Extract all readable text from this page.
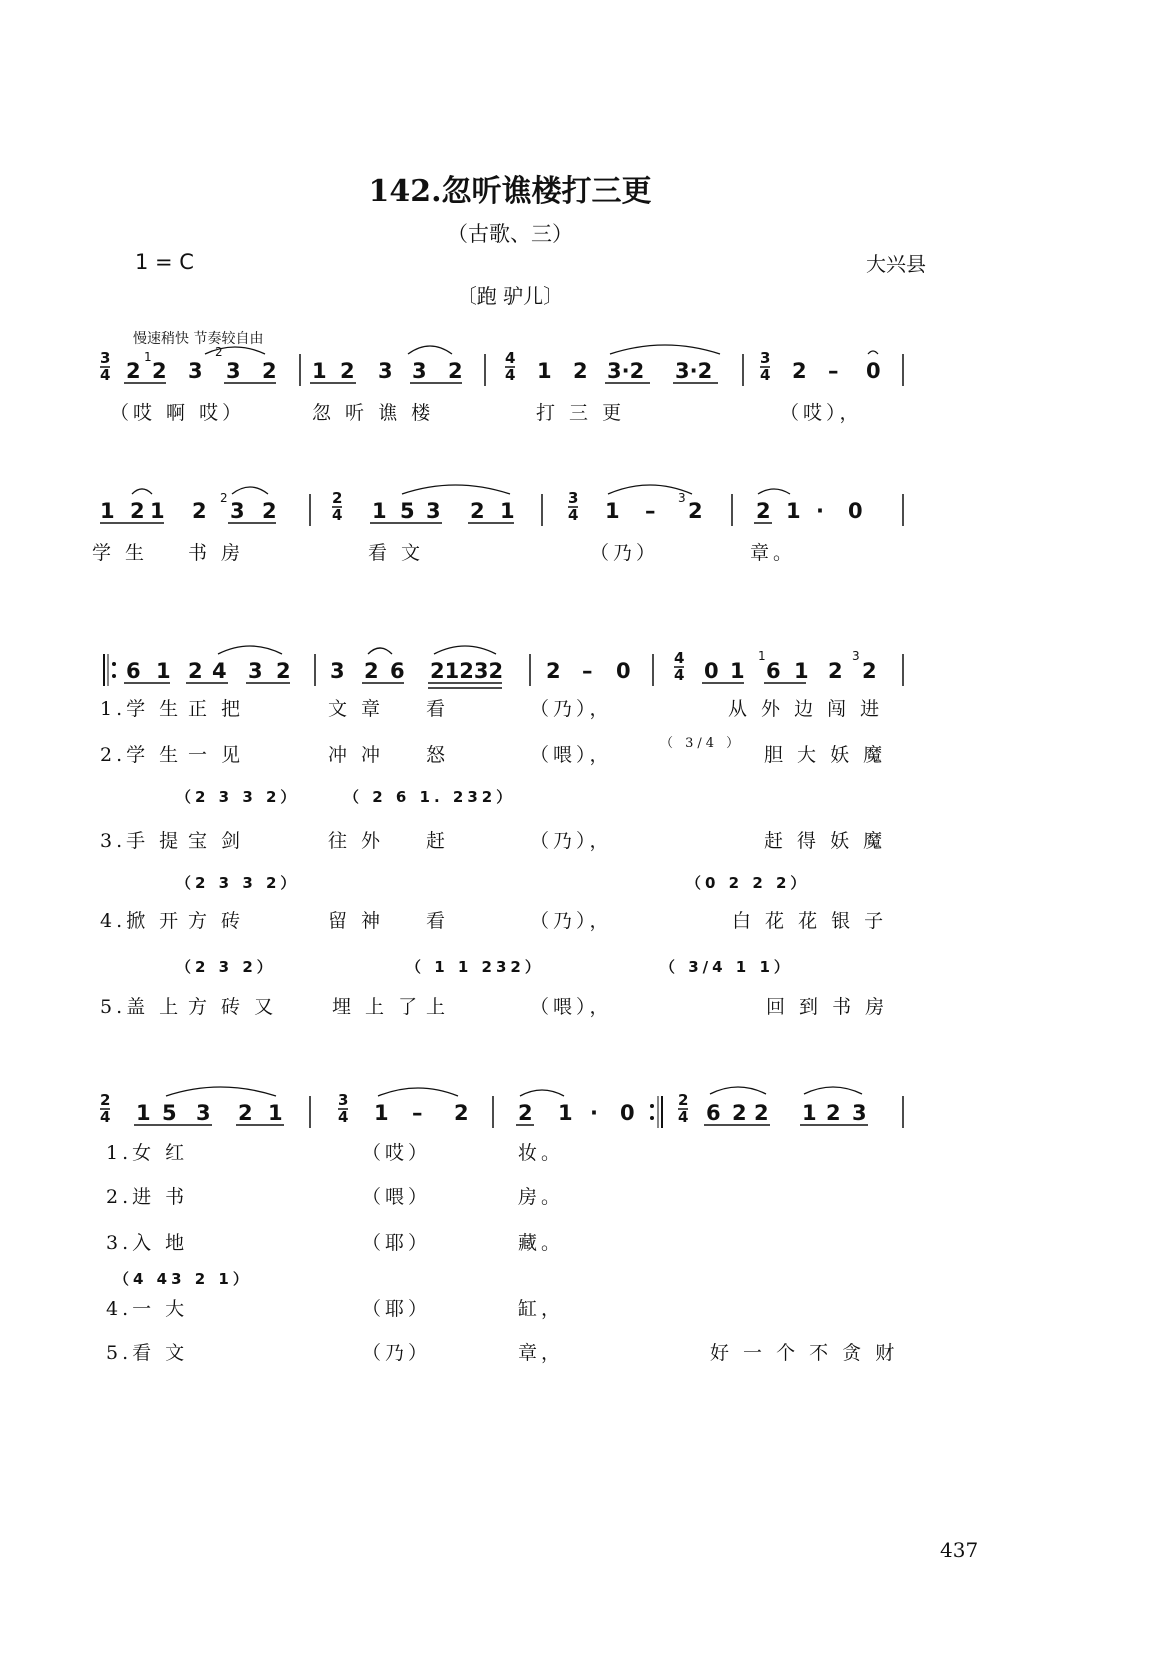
142.忽听谯楼打三更
（古歌、三）
1 = C	大兴县
〔跑 驴儿〕
慢速稍快 节奏较自由
3
4 2
1
2
2
3 3 2 1 2 3 3 2
4
4 1 2 3·2 3·2
3
4 2 – 0
（哎 啊 哎）	忽 听 谯 楼	打 三 更	（哎），
1 2 1 2
2
3 2
2
4 1 5 3 2 1
3
4 1 –
3
2	2 1 · 0
学 生 书 房	看 文	（乃）	章。
6 1 2 4 3 2 3 2 6 21232 2 – 0
4
4 0 1
1
6 1 2
3
2
1.学 生 正 把	文 章 看	（乃），	从 外 边 闯 进
（ 3/4 ）
2.学 生 一 见	冲 冲 怒	（喂），	胆 大 妖 魔
（2 3 3 2）	（ 2 6 1. 232）
3.手 提 宝 剑	往 外 赶	（乃），	赶 得 妖 魔
（2 3 3 2）	（0 2 2 2）
4.掀 开 方 砖	留 神 看	（乃），	白 花 花 银 子
（2 3 2）	（ 1 1 232）	（ 3/4 1 1）
5.盖 上 方 砖 又	埋 上 了 上	（喂），	回 到 书 房
2
4 1 5 3 2 1
3
4 1 – 2 2 1 · 0
2
4 6 2 2 1 2 3
1.女 红	（哎）	妆。
2.进 书	（喂）	房。
3.入 地	（耶）	藏。
（4 43 2 1）
4.一 大	（耶）	缸，
5.看 文	（乃）	章，	好 一 个 不 贪 财
437
